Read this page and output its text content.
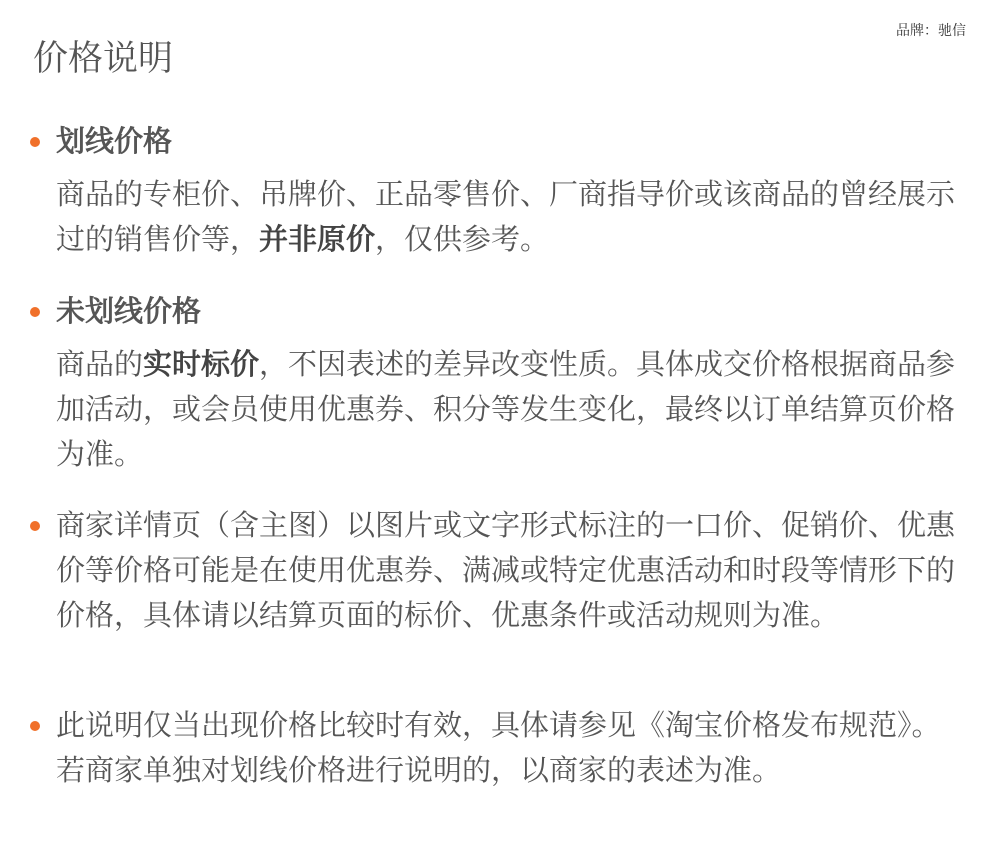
品牌：驰信
价格说明
划线价格
商品的专柜价、吊牌价、正品零售价、厂商指导价或该商品的曾经展示过的销售价等，并非原价，仅供参考。
未划线价格
商品的实时标价，不因表述的差异改变性质。具体成交价格根据商品参加活动，或会员使用优惠券、积分等发生变化，最终以订单结算页价格为准。
商家详情页（含主图）以图片或文字形式标注的一口价、促销价、优惠价等价格可能是在使用优惠券、满减或特定优惠活动和时段等情形下的价格，具体请以结算页面的标价、优惠条件或活动规则为准。
此说明仅当出现价格比较时有效，具体请参见《淘宝价格发布规范》。若商家单独对划线价格进行说明的，以商家的表述为准。
